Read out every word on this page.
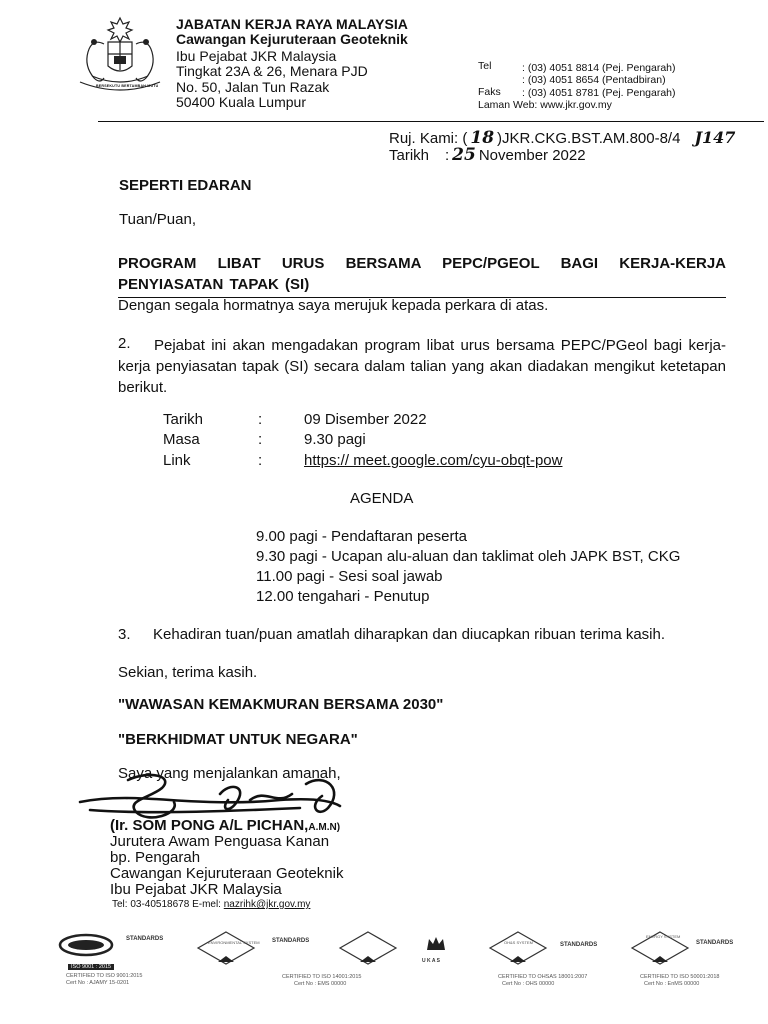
BERSEKUTU BERTAMBAH MUTU
JABATAN KERJA RAYA MALAYSIA
Cawangan Kejuruteraan Geoteknik
Ibu Pejabat JKR Malaysia
Tingkat 23A & 26, Menara PJD
No. 50, Jalan Tun Razak
50400 Kuala Lumpur
Tel	: (03) 4051 8814 (Pej. Pengarah)
: (03) 4051 8654 (Pentadbiran)
Faks : (03) 4051 8781 (Pej. Pengarah)
Laman Web: www.jkr.gov.my
Ruj. Kami: ( 18 )JKR.CKG.BST.AM.800-8/4 J147
Tarikh : 25 November 2022
SEPERTI EDARAN
Tuan/Puan,
PROGRAM LIBAT URUS BERSAMA PEPC/PGEOL BAGI KERJA-KERJA PENYIASATAN TAPAK (SI)
Dengan segala hormatnya saya merujuk kepada perkara di atas.
2.	Pejabat ini akan mengadakan program libat urus bersama PEPC/PGeol bagi kerja-kerja penyiasatan tapak (SI) secara dalam talian yang akan diadakan mengikut ketetapan berikut.
Tarikh	:	09 Disember 2022
Masa	:	9.30 pagi
Link	:	https:// meet.google.com/cyu-obqt-pow
AGENDA
9.00 pagi - Pendaftaran peserta
9.30 pagi - Ucapan alu-aluan dan taklimat oleh JAPK BST, CKG
11.00 pagi - Sesi soal jawab
12.00 tengahari - Penutup
3. Kehadiran tuan/puan amatlah diharapkan dan diucapkan ribuan terima kasih.
Sekian, terima kasih.
"WAWASAN KEMAKMURAN BERSAMA 2030"
"BERKHIDMAT UNTUK NEGARA"
Saya yang menjalankan amanah,
(Ir. SOM PONG A/L PICHAN,A.M.N)
Jurutera Awam Penguasa Kanan
bp. Pengarah
Cawangan Kejuruteraan Geoteknik
Ibu Pejabat JKR Malaysia
Tel: 03-40518678 E-mel: nazrihk@jkr.gov.my
STANDARDS
ISO 9001 : 2015
CERTIFIED TO ISO 9001:2015
Cert No : AJAMY 15-0201
ENVIRONMENTAL SYSTEM STANDARDS
CERTIFIED TO ISO 14001:2015
Cert No : EMS 00000
U K A S
OH&S SYSTEM	STANDARDS
CERTIFIED TO OHSAS 18001:2007
Cert No : OHS 00000
ENERGY SYSTEM
STANDARDS
CERTIFIED TO ISO 50001:2018
Cert No : EnMS 00000
